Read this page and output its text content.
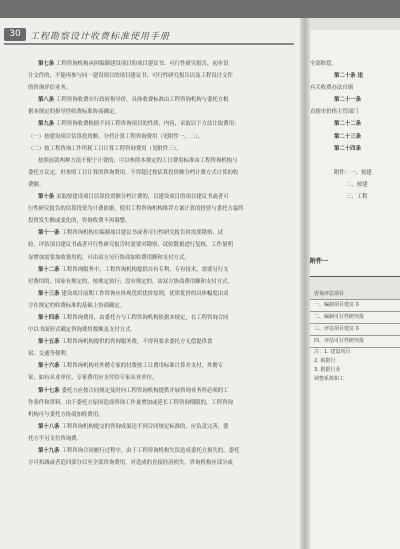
30	工程勘察设计收费标准使用手册
第七条 工程咨询机构承担编制建设项目的项目建议书、可行性研究报告，初步设
计文件的，不能再参与同一建设项目的项目建议书、可行性研究报告以及工程设计文件
的咨询评估业务。
第八条 工程咨询收费实行政府指导价。具体收费标准由工程咨询机构与委托方根
据本规定的指导性收费标准协商确定。
第九条 工程咨询收费根据不同工程咨询项目的性质、内容，采取以下方法计取费用：
（一）按建设项目估算投资额，分档计算工程咨询费用（见附件一、二）。
（二）按工程咨询工作所耗工日计算工程咨询费用（见附件三）。
按照前款两种方法不便于计费的，可以参照本规定的工日费用标准由工程咨询机构与
委托方议定，但参照工日计算的咨询费用，不得超过按估算投资额分档计费方式计算的收
费额。
第十条 采取按建设项目估算投资额分档计费的，以建设项目的项目建议书或者可
行性研究报告的估算投资为计费依据，使用工程咨询机构推荐方案计算的投资与委托方最终
投资发生额或变化的，咨询收费不再调整。
第十一条 工程咨询机构在编制项目建议书或者可行性研究报告时需要勘察、试
验，评估项目建议书或者可行性研究报告时需要对勘察、试验数据进行复核，工作量明
显增加需要加收费用的，可由双方另行协商加收费用额和支付方式。
第十二条 工程咨询服务中，工程咨询机构提供自有专利、专有技术，需要另行支
付费用的，国家有规定的，按规定执行；没有规定的，由双方协商费用额和支付方式。
第十三条 建设项目前期工作咨询应体现优质优价原则，优质优价的具体幅度由双
方在规定的收费标准的基础上协商确定。
第十四条 工程咨询费用，由委托方与工程咨询机构依据本规定，在工程咨询合同
中以书面形式确定咨询费用数额及支付方式。
第十五条 工程咨询机构提供的咨询服务费，不得再要求委托方无偿提供食
宿、交通等便利。
第十六条 工程咨询机构对外聘专家的付费按工日费用标准计算并支付，外聘专
家，如有从业单位，专家费用应支付给专家从业单位。
第十七条 委托方应按合同规定及时向工程咨询机构提供开展咨询业务所必须的工
作条件和资料。由于委托方原因造成咨询工作量增加或延长工程咨询期限的，工程咨询
机构可与委托方协商加收费用。
第十八条 工程咨询机构提交的咨询成果达不到合同规定标准的，应负责完善，委
托方不另支付咨询费。
第十九条 工程咨询合同履行过程中，由于工程咨询机构失误造成委托方损失的，委托
方可扣减或者追回部分以至全部咨询费用，对造成的直接经济损失，咨询机构应部分或
全部赔偿。
第二十条 违
有关收费办法自颁
第二十一条
直辖市价格主管部门
第二十二条
第二十三条
第二十四条

附件：一、按建
二、按建
三、工程
附件一
咨询评估项目
一、编制项目建议书
二、编制可行性研究报
三、评估项目建议书
四、评估可行性研究报
注：1. 建设项目
2. 根据行
3. 根据行业
调整系数和工
